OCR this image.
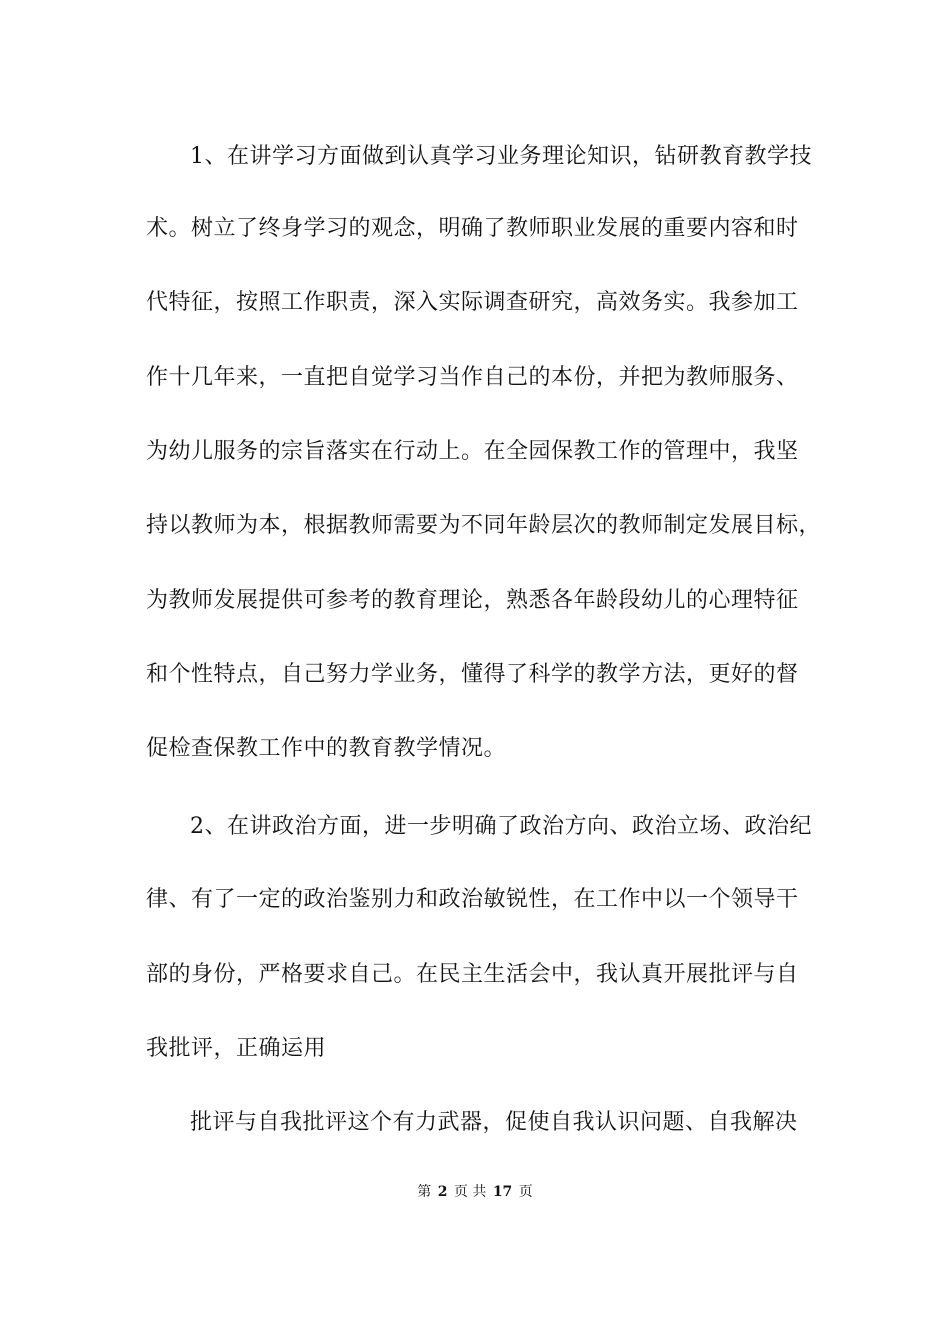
1、在讲学习方面做到认真学习业务理论知识，钻研教育教学技
术。树立了终身学习的观念，明确了教师职业发展的重要内容和时
代特征，按照工作职责，深入实际调查研究，高效务实。我参加工
作十几年来，一直把自觉学习当作自己的本份，并把为教师服务、
为幼儿服务的宗旨落实在行动上。在全园保教工作的管理中，我坚
持以教师为本，根据教师需要为不同年龄层次的教师制定发展目标，
为教师发展提供可参考的教育理论，熟悉各年龄段幼儿的心理特征
和个性特点，自己努力学业务，懂得了科学的教学方法，更好的督
促检查保教工作中的教育教学情况。
2、在讲政治方面，进一步明确了政治方向、政治立场、政治纪
律、有了一定的政治鉴别力和政治敏锐性，在工作中以一个领导干
部的身份，严格要求自己。在民主生活会中，我认真开展批评与自
我批评，正确运用
批评与自我批评这个有力武器，促使自我认识问题、自我解决
第 2 页 共 17 页
